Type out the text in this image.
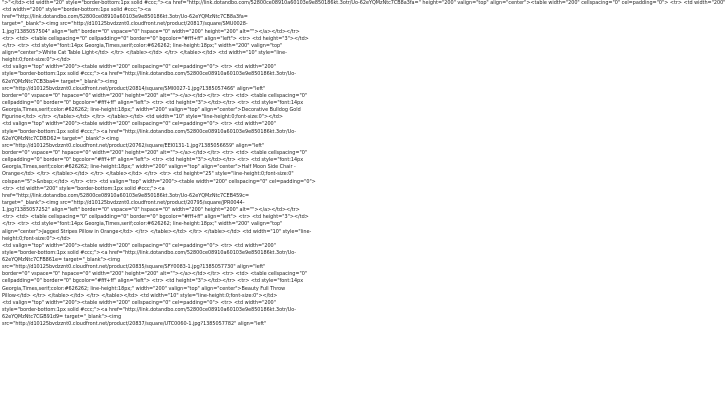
">"</td><td width="20" style="border-bottom:1px solid #ccc;"><a href="http://link.dotandbo.com/52800ce08910a60103e9e850186kt.3otr/Uo-62eYQMzNtc7CB8a3fa=" height="200" valign="top" align="center"><table width="200" cellspacing="0" cel=padding="0"> <tr> <td width="200"
<td width="200" style="border-bottom:1px solid #ccc;"><a
href="http://link.dotandbo.com/52800ce08910a60103e9e850186kt.3otr/Uo-62eYQMzNtc7CB8a3fa=
target="_blank"><img src="http://d10125bvdzznt0.cloudfront.net/product/20817/square/SMU0028-
1.jpg?1385057504" align="left" border="0" vspace="0" hspace="0" width="200" height="200" alt=""></a></td></tr>
<tr> <td> <table cellspacing="0" cellpadding="0" border="0" bgcolor="#fff+ff" align="left"> <tr> <td height="3"></td>
</tr> <tr> <td style="font:14px Georgia,Times,serif;color:#626262; line-height:18px;" width="200" valign="top"
align="center">White Cat Table Light</td> </tr> </table></td> </tr> </table></td> <td width="10" style="line-
height:0;font-size:0"></td>
<td valign="top" width="200"><table width="200" cellspacing="0" cel=padding="0"> <tr> <td width="200"
style="border-bottom:1px solid #ccc;"><a href="http://link.dotandbo.com/52800ce08910a60103e9e850186kt.3otr/Uo-
62eYQMzNtc7CB3ba4= target="_blank"><img
src="http://d10125bvdzznt0.cloudfront.net/product/20814/square/SMI0027-1.jpg?1385057466" align="left"
border="0" vspace="0" hspace="0" width="200" height="200" alt=""></a></td></tr> <tr> <td> <table cellspacing="0"
cellpadding="0" border="0" bgcolor="#fff+ff" align="left"> <tr> <td height="3"></td></tr> <tr> <td style="font:14px
Georgia,Times,serif;color:#626262; line-height:18px;" width="200" valign="top" align="center">Decorative Bulldog Gold
Figurine</td> </tr> </table></td> </tr> </table></td> <td width="10" style="line-height:0;font-size:0"></td>
<td valign="top" width="200"><table width="200" cellspacing="0" cel=padding="0"> <tr> <td width="200"
style="border-bottom:1px solid #ccc;"><a href="http://link.dotandbo.com/52800ce08910a60103e9e850186kt.3otr/Uo-
62eYQMzNtc7CDBD62= target="_blank"><img
src="http://d10125bvdzznt0.cloudfront.net/product/20762/square/EEI0131-1.jpg?1385056659" align="left"
border="0" vspace="0" hspace="0" width="200" height="200" alt=""></a></td></tr> <tr> <td> <table cellspacing="0"
cellpadding="0" border="0" bgcolor="#fff+ff" align="left"> <tr> <td height="3"></td></tr> <tr> <td style="font:14px
Georgia,Times,serif;color:#626262; line-height:18px;" width="200" valign="top" align="center">Half Moon Side Chair -
Orange</td> </tr> </table></td> </tr> </table></td> </tr> <tr> <td height="25" style="line-height:0;font-size:0"
colspan="5">&nbsp;</td> </tr> <tr> <td valign="top" width="200"><table width="200" cellspacing="0" cel=padding="0">
<tr> <td width="200" style="border-bottom:1px solid #ccc;"><a
href="http://link.dotandbo.com/52800ce08910a60103e9e850186kt.3otr/Uo-62eYQMzNtc7CEB459c=
target="_blank"><img src="http://d10125bvdzznt0.cloudfront.net/product/20795/square/JPR0044-
1.jpg?1385057252" align="left" border="0" vspace="0" hspace="0" width="200" height="200" alt=""></a></td></tr>
<tr> <td> <table cellspacing="0" cellpadding="0" border="0" bgcolor="#fff+ff" align="left"> <tr> <td height="3"></td>
</tr> <tr> <td style="font:14px Georgia,Times,serif;color:#626262; line-height:18px;" width="200" valign="top"
align="center">Jagged Stripes Pillow in Orange</td> </tr> </table></td> </tr> </table></td> <td width="10" style="line-
height:0;font-size:0"></td>
<td valign="top" width="200"><table width="200" cellspacing="0" cel=padding="0"> <tr> <td width="200"
style="border-bottom:1px solid #ccc;"><a href="http://link.dotandbo.com/52800ce08910a60103e9e850186kt.3otr/Uo-
62eYQMzNtc7CFB861e= target="_blank"><img
src="http://d10125bvdzznt0.cloudfront.net/product/20835/square/SFY0083-1.jpg?1385057730" align="left"
border="0" vspace="0" hspace="0" width="200" height="200" alt=""></a></td></tr> <tr> <td> <table cellspacing="0"
cellpadding="0" border="0" bgcolor="#fff+ff" align="left"> <tr> <td height="3"></td></tr> <tr> <td style="font:14px
Georgia,Times,serif;color:#626262; line-height:18px;" width="200" valign="top" align="center">Beauty Full Throw
Pillow</td> </tr> </table></td> </tr> </table></td> <td width="10" style="line-height:0;font-size:0"></td>
<td valign="top" width="200"><table width="200" cellspacing="0" cel=padding="0"> <tr> <td width="200"
style="border-bottom:1px solid #ccc;"><a href="http://link.dotandbo.com/52800ce08910a60103e9e850186kt.3otr/Uo-
62eYQMzNtc7CGB91d9= target="_blank"><img
src="http://d10125bvdzznt0.cloudfront.net/product/20837/square/UTC0060-1.jpg?1385057782" align="left"
